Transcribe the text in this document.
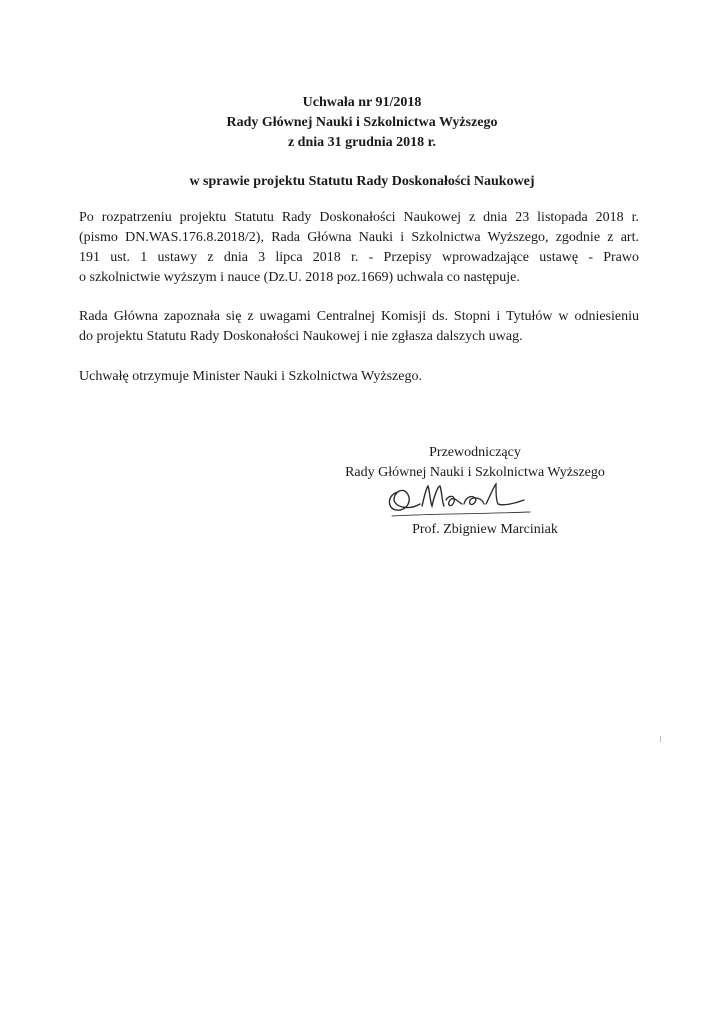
Uchwała nr 91/2018
Rady Głównej Nauki i Szkolnictwa Wyższego
z dnia 31 grudnia 2018 r.
w sprawie projektu Statutu Rady Doskonałości Naukowej
Po rozpatrzeniu projektu Statutu Rady Doskonałości Naukowej z dnia 23 listopada 2018 r.
(pismo DN.WAS.176.8.2018/2), Rada Główna Nauki i Szkolnictwa Wyższego, zgodnie z art.
191 ust. 1 ustawy z dnia 3 lipca 2018 r. - Przepisy wprowadzające ustawę - Prawo
o szkolnictwie wyższym i nauce (Dz.U. 2018 poz.1669) uchwala co następuje.
Rada Główna zapoznała się z uwagami Centralnej Komisji ds. Stopni i Tytułów w odniesieniu
do projektu Statutu Rady Doskonałości Naukowej i nie zgłasza dalszych uwag.
Uchwałę otrzymuje Minister Nauki i Szkolnictwa Wyższego.
Przewodniczący
Rady Głównej Nauki i Szkolnictwa Wyższego
Prof. Zbigniew Marciniak
